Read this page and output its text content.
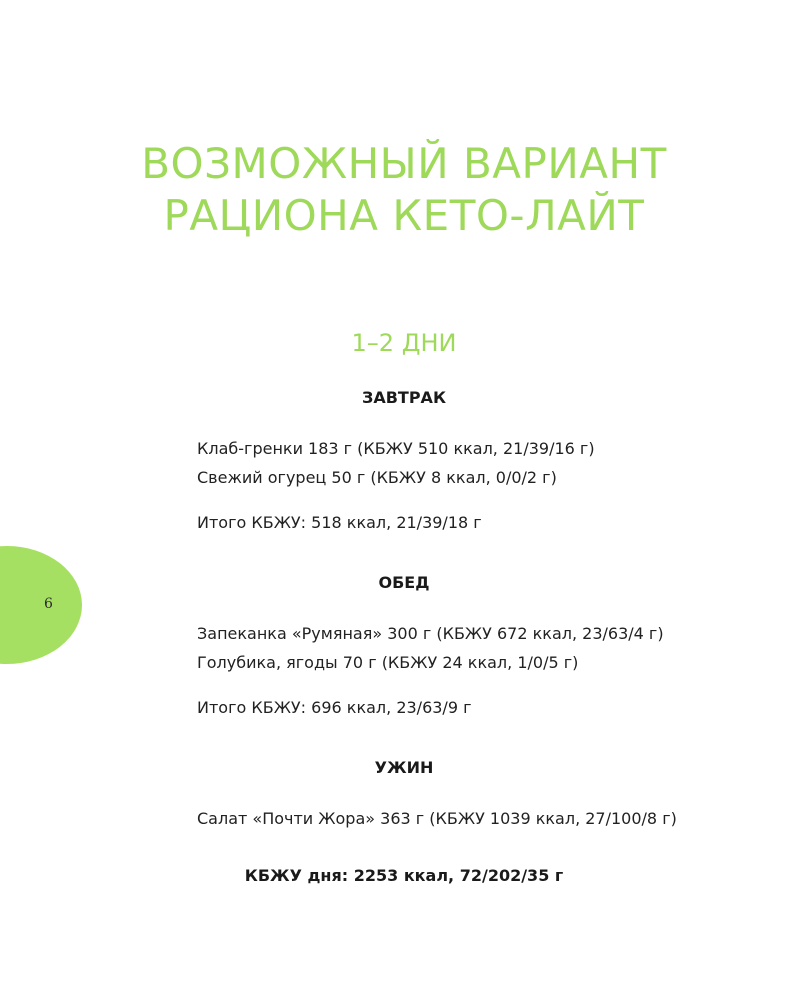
ВОЗМОЖНЫЙ ВАРИАНТ
РАЦИОНА КЕТО-ЛАЙТ
1–2 ДНИ
ЗАВТРАК

Клаб-гренки 183 г (КБЖУ 510 ккал, 21/39/16 г)

Свежий огурец 50 г (КБЖУ 8 ккал, 0/0/2 г)

Итого КБЖУ: 518 ккал, 21/39/18 г

ОБЕД

Запеканка «Румяная» 300 г (КБЖУ 672 ккал, 23/63/4 г)

Голубика, ягоды 70 г (КБЖУ 24 ккал, 1/0/5 г)

Итого КБЖУ: 696 ккал, 23/63/9 г

УЖИН

Салат «Почти Жора» 363 г (КБЖУ 1039 ккал, 27/100/8 г)

КБЖУ дня: 2253 ккал, 72/202/35 г

6
